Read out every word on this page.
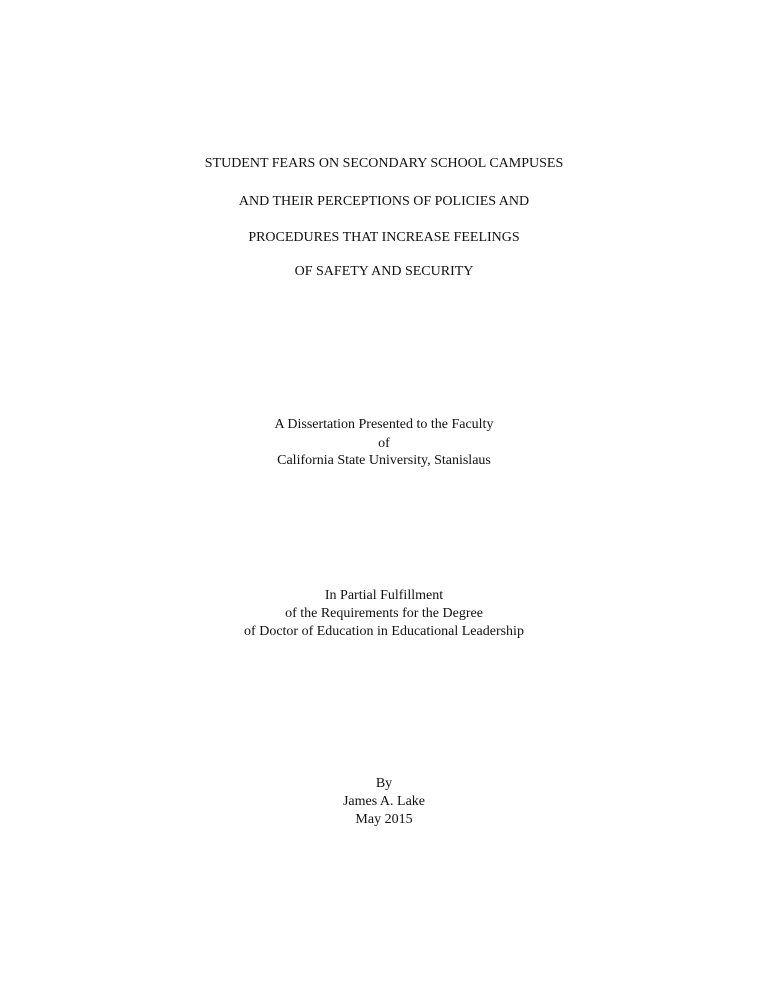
STUDENT FEARS ON SECONDARY SCHOOL CAMPUSES
AND THEIR PERCEPTIONS OF POLICIES AND
PROCEDURES THAT INCREASE FEELINGS
OF SAFETY AND SECURITY
A Dissertation Presented to the Faculty
of
California State University, Stanislaus
In Partial Fulfillment
of the Requirements for the Degree
of Doctor of Education in Educational Leadership
By
James A. Lake
May 2015
